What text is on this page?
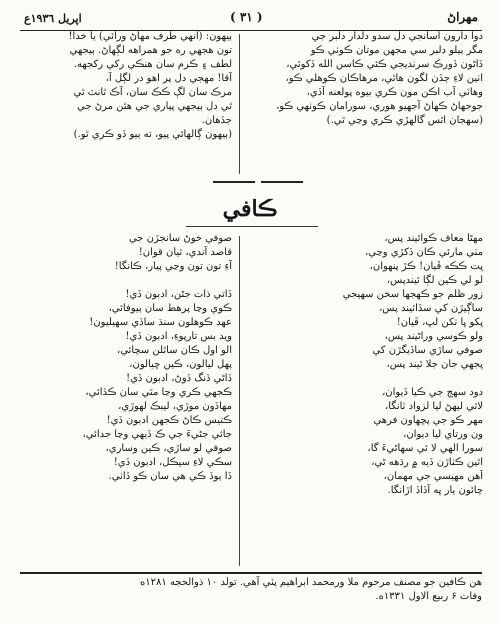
اپريل ١٩٣٦ع	( ٣١ )	مهراڻ
دوا دارون اسانجي دل سدو دلدار دلبر جي
مگر ٻيلو دلبر سي مجهن موتان ڪوٺي ڪو
ڏاڻون ڏورڪ سرنديجي ڪئي ڪاسن الله ڏکوئي،
اٺين لاءِ ڄڏن لگون هاٿي، مرهاڪان ڪوهلي ڪو،
وهاٽي آب اڪن مون ڪري بيوه پولعنه آڏي،
جوجهاڻ ڪهاڻ آجهيو هوري، سورامان ڪوٺهي ڪو،
(سهجان اٿس گالهڙي ڪري وڃي ٿي.)
ٻيهون: (انهي طرف مهاڻ ورائي) يا خدا!
تون هجهي ره جو همراهه لڳهاڻ. ٻيجهي
لطف ۽ ڪرم سان هنڪي رکي رکجهه.
آقا! مهجي دل پر اهو در لڳل آ،
مرڪ سان لڳ ڪڪ سان، آڪ ٿانٽ ٿي
ٿي دل ٻيجهي پياري جي هٿن مرڻ جي
جڏهان.
(ٻيهون ڳالهائي پيو، ته ٻيو ڏو ڪري ٿو.)
ڪافي
مهڻا معاف ڪوائيند پس،
مٺي مارئي ڪان ڏکڙي وڃي،
ڀت ڪڪه ڦيان! ڪڙ پنهوان،
لو لي ڪين لڳا ئيندپس،
زور ظلم جو ڪهجها سخن سهيجي
ساڳيڙن کي سڏائيند پس،
ڀکو ڀا ٺکن لڀ، ڦيان!
ولو ڪوسي وراڻيند پس،
صوفي ساڙي ساڏيگڙن کي
ڀجهي جان جلا ئيند پس،
دود سهڄ جي ڪيا ڏيوان،
لاثي ليهڻ ليا لزواد ٽانگا،
مهر ڪو جي پڇهاون فرهي
ون ورتاي ليا ديوان،
سورا الهي لا ئي سهاڻيءَ گا،
اٿين ڪٺاڙن ڏيه ۾ رڌهه ڻي،
آهن مهيسي جي مهمان،
چائون يار ڀه آڏاڏ اڙانگا.
صوفي خوڻ سانجڙن جي
قاصد آندي، ثيان قوان!
آءِ تون تون وڃي پيار، ڪانگا!
ڏاتي ذات جڻن، ادبون ڏي!
ڪوي وڃا پرهط سان ٻيوفائي،
عهد ڪوهلون سنڌ ساڏي سهيليون!
ويد بس تارپوءِ، ادبون ڏي!
الو اول ڪان ساٿلن سچائي،
پهل ليالون، ڪين ڇيالون،
ڏاڻي ڏنگ ڏوڻ، ادبون ڏي!
ڪجهي ڪري وڃا مٿي سان ڪڏائي،
مهاڏون موڙي، ليبڪ لهوڙي،
ڪتيس ڪاڻ ڪجهن ادبون ڏي!
جاثي جڻيءَ جي ڪ ڏيهي وڃا جدائي،
صوفي لو ساڙي، ڪين وساري،
سڪي لاءِ سيڪل، ادبون ڏي!
ڏا ٻوڏ ڪي هي سان ڪو ڏاٺي.
هن ڪافين جو مصنف مرحوم ملا ورمحمد ابراهيم پٽي آهي. تولد ١٠ ذوالحجه ١٢٨١ه
وفات ۶ ربيع الاول ١٣٣١ه.
